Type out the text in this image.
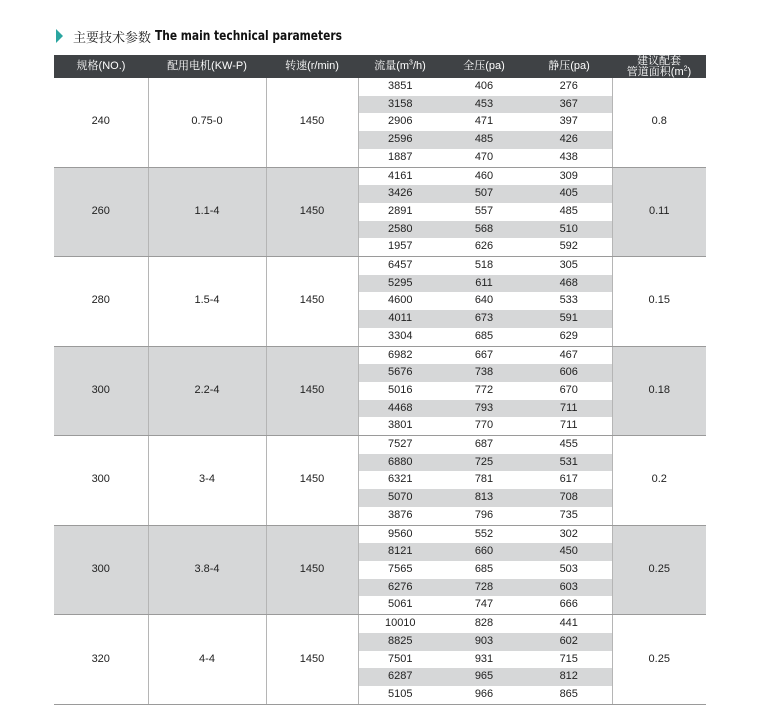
主要技术参数 The main technical parameters
规格(NO.)	配用电机(KW-P)	转速(r/min)	流量$(m^3/h)$	全压(pa)	静压(pa)	建议配套
管道面积$(m^2)$
240	0.75-0	1450	3851	406	276	0.8
			3158	453	367	
			2906	471	397	
			2596	485	426	
			1887	470	438	
260	1.1-4	1450	4161	460	309	0.11
			3426	507	405	
			2891	557	485	
			2580	568	510	
			1957	626	592	
280	1.5-4	1450	6457	518	305	0.15
			5295	611	468	
			4600	640	533	
			4011	673	591	
			3304	685	629	
300	2.2-4	1450	6982	667	467	0.18
			5676	738	606	
			5016	772	670	
			4468	793	711	
			3801	770	711	
300	3-4	1450	7527	687	455	0.2
			6880	725	531	
			6321	781	617	
			5070	813	708	
			3876	796	735	
300	3.8-4	1450	9560	552	302	0.25
			8121	660	450	
			7565	685	503	
			6276	728	603	
			5061	747	666	
320	4-4	1450	10010	828	441	0.25
			8825	903	602	
			7501	931	715	
			6287	965	812	
			5105	966	865	
